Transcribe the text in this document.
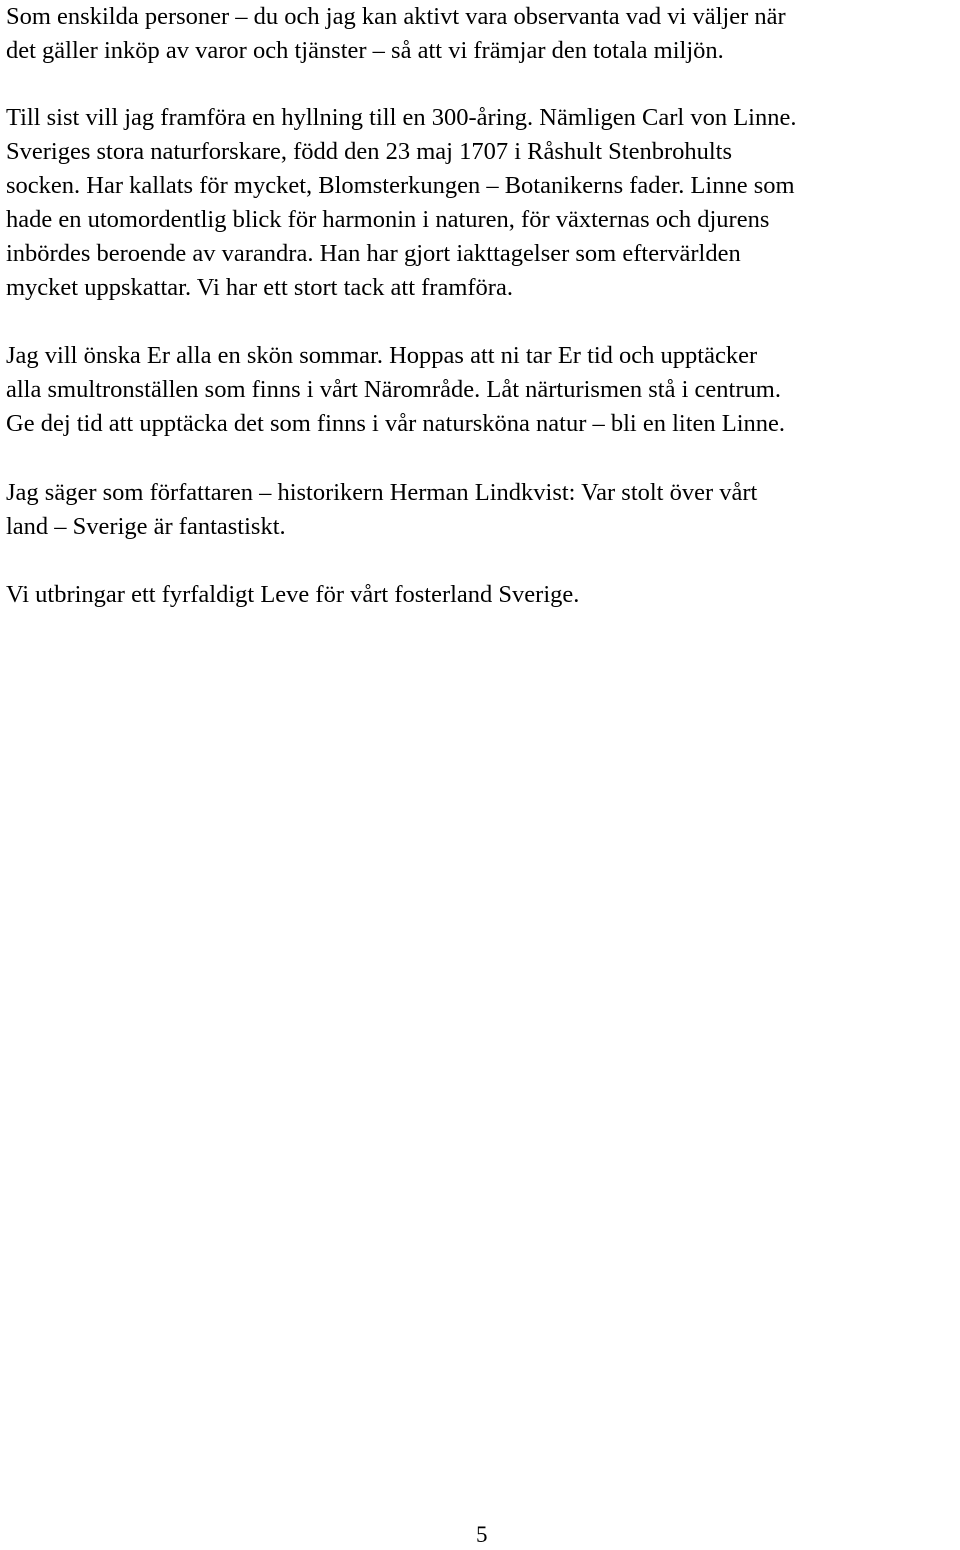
Som enskilda personer – du och jag kan aktivt vara observanta vad vi väljer när
det gäller inköp av varor och tjänster – så att vi främjar den totala miljön.
Till sist vill jag framföra en hyllning till en 300-åring. Nämligen Carl von Linne.
Sveriges stora naturforskare, född den 23 maj 1707 i Råshult Stenbrohults
socken. Har kallats för mycket, Blomsterkungen – Botanikerns fader. Linne som
hade en utomordentlig blick för harmonin i naturen, för växternas och djurens
inbördes beroende av varandra. Han har gjort iakttagelser som eftervärlden
mycket uppskattar. Vi har ett stort tack att framföra.
Jag vill önska Er alla en skön sommar. Hoppas att ni tar Er tid och upptäcker
alla smultronställen som finns i vårt Närområde. Låt närturismen stå i centrum.
Ge dej tid att upptäcka det som finns i vår natursköna natur – bli en liten Linne.
Jag säger som författaren – historikern Herman Lindkvist: Var stolt över vårt
land – Sverige är fantastiskt.
Vi utbringar ett fyrfaldigt Leve för vårt fosterland Sverige.
5
